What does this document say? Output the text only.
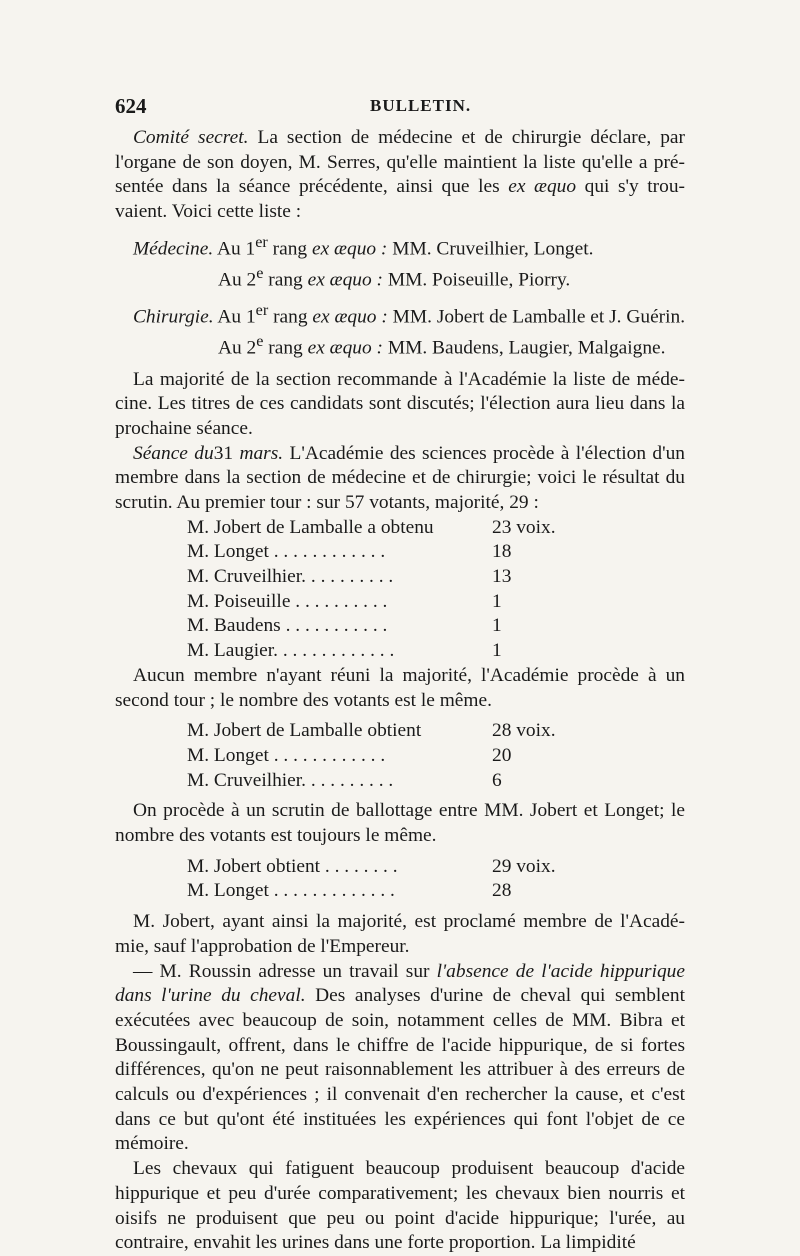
624	BULLETIN.

Comité secret. La section de médecine et de chirurgie déclare, par l'organe de son doyen, M. Serres, qu'elle maintient la liste qu'elle a pré-sentée dans la séance précédente, ainsi que les ex æquo qui s'y trou-vaient. Voici cette liste :

Médecine. Au 1er rang ex æquo : MM. Cruveilhier, Longet.

Au 2e rang ex æquo : MM. Poiseuille, Piorry.

Chirurgie. Au 1er rang ex æquo : MM. Jobert de Lamballe et J. Guérin.

Au 2e rang ex æquo : MM. Baudens, Laugier, Malgaigne.

La majorité de la section recommande à l'Académie la liste de méde-cine. Les titres de ces candidats sont discutés; l'élection aura lieu dans la prochaine séance.

Séance du31 mars. L'Académie des sciences procède à l'élection d'un membre dans la section de médecine et de chirurgie; voici le résultat du scrutin. Au premier tour : sur 57 votants, majorité, 29 :

M. Jobert de Lamballe a obtenu	23 voix.
M. Longet . . . . . . . . . . . .	18
M. Cruveilhier. . . . . . . . . .	13
M. Poiseuille . . . . . . . . . .	1
M. Baudens . . . . . . . . . . .	1
M. Laugier. . . . . . . . . . . . .	1

Aucun membre n'ayant réuni la majorité, l'Académie procède à un second tour ; le nombre des votants est le même.

M. Jobert de Lamballe obtient	28 voix.
M. Longet . . . . . . . . . . . .	20
M. Cruveilhier. . . . . . . . . .	6

On procède à un scrutin de ballottage entre MM. Jobert et Longet; le nombre des votants est toujours le même.

M. Jobert obtient . . . . . . . .	29 voix.
M. Longet . . . . . . . . . . . . .	28

M. Jobert, ayant ainsi la majorité, est proclamé membre de l'Acadé-mie, sauf l'approbation de l'Empereur.

— M. Roussin adresse un travail sur l'absence de l'acide hippurique dans l'urine du cheval. Des analyses d'urine de cheval qui semblent exécutées avec beaucoup de soin, notamment celles de MM. Bibra et Boussingault, offrent, dans le chiffre de l'acide hippurique, de si fortes différences, qu'on ne peut raisonnablement les attribuer à des erreurs de calculs ou d'expériences ; il convenait d'en rechercher la cause, et c'est dans ce but qu'ont été instituées les expériences qui font l'objet de ce mémoire.

Les chevaux qui fatiguent beaucoup produisent beaucoup d'acide hippurique et peu d'urée comparativement; les chevaux bien nourris et oisifs ne produisent que peu ou point d'acide hippurique; l'urée, au contraire, envahit les urines dans une forte proportion. La limpidité
